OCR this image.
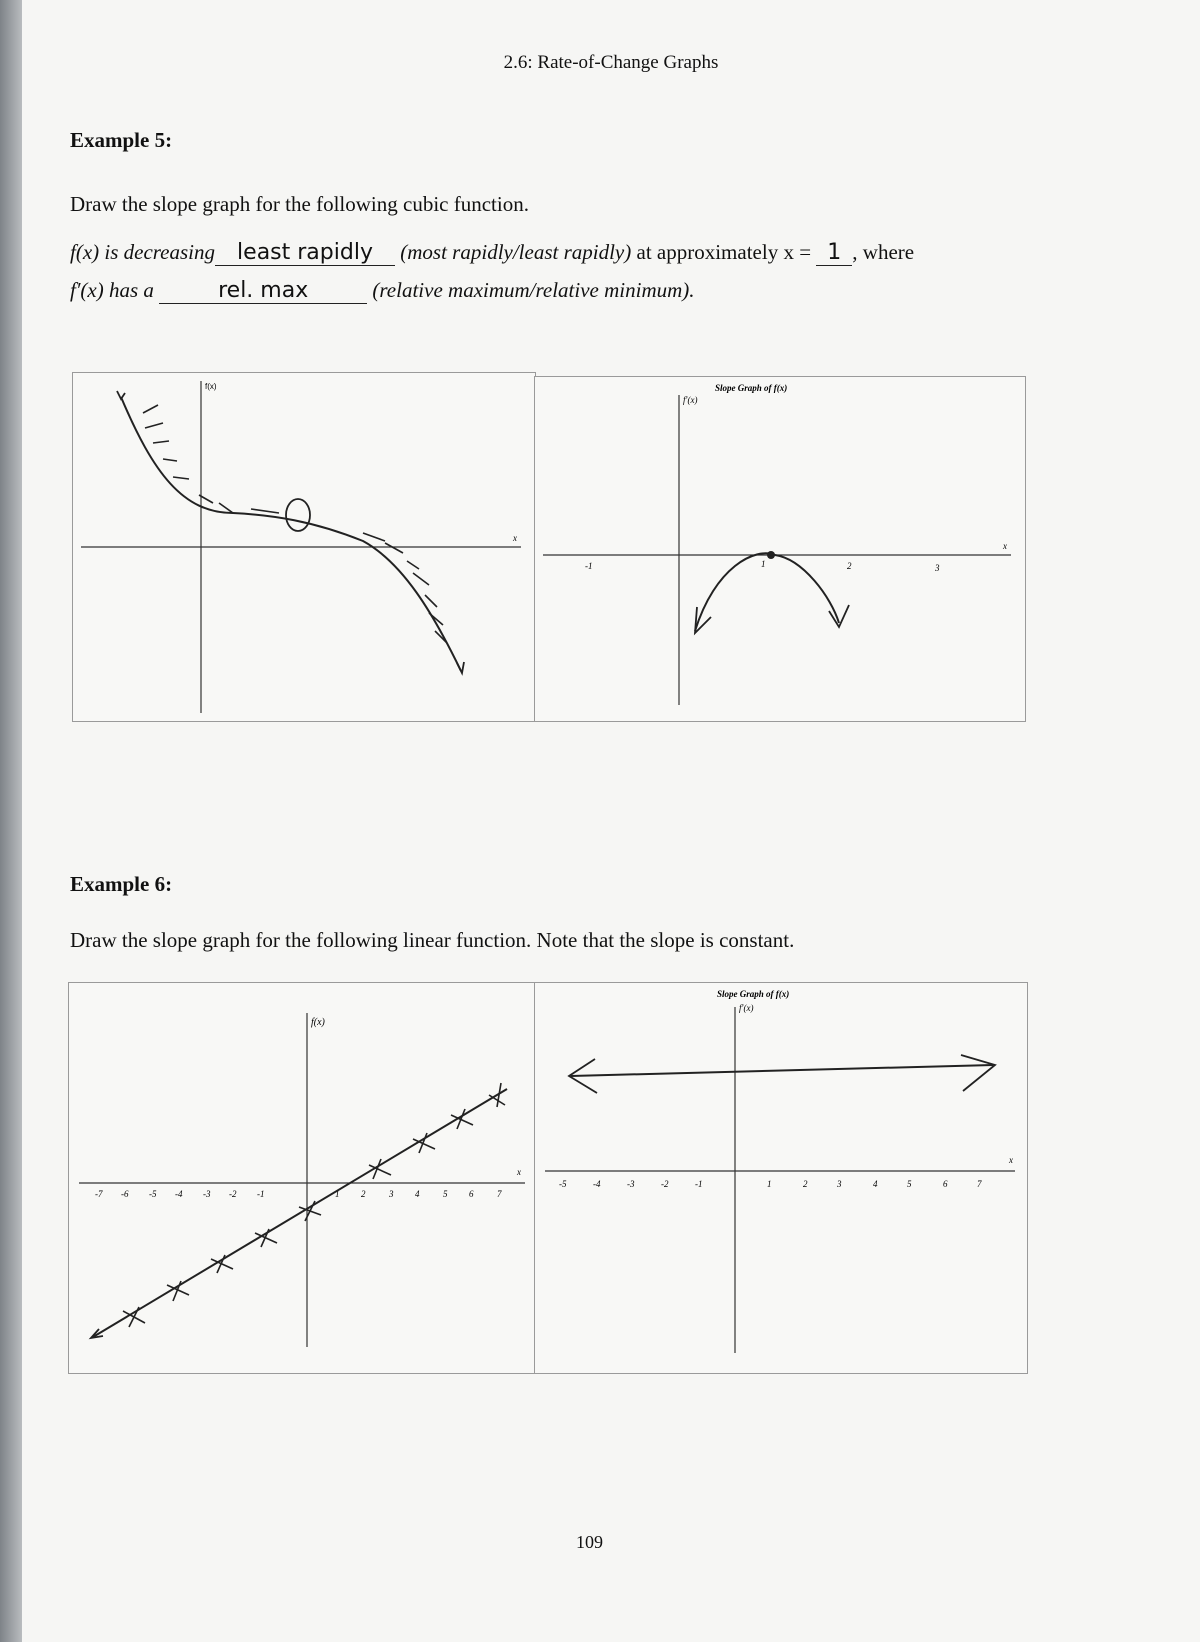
2.6: Rate-of-Change Graphs
Example 5:
Draw the slope graph for the following cubic function.
f(x) is decreasing least rapidly (most rapidly/least rapidly) at approximately x = 1 , where
f′(x) has a	rel. max	(relative maximum/relative minimum).
f(x)
x
Slope Graph of f(x)
f′(x)
x
-1	1	2	3
Example 6:
Draw the slope graph for the following linear function. Note that the slope is constant.
f(x)
x
-7 -6 -5 -4 -3 -2 -1	1 2	3 4	5 6	7
Slope Graph of f(x)
f′(x)
x
-5	-4	-3	-2	-1	1	2	3	4	5	6	7
109
